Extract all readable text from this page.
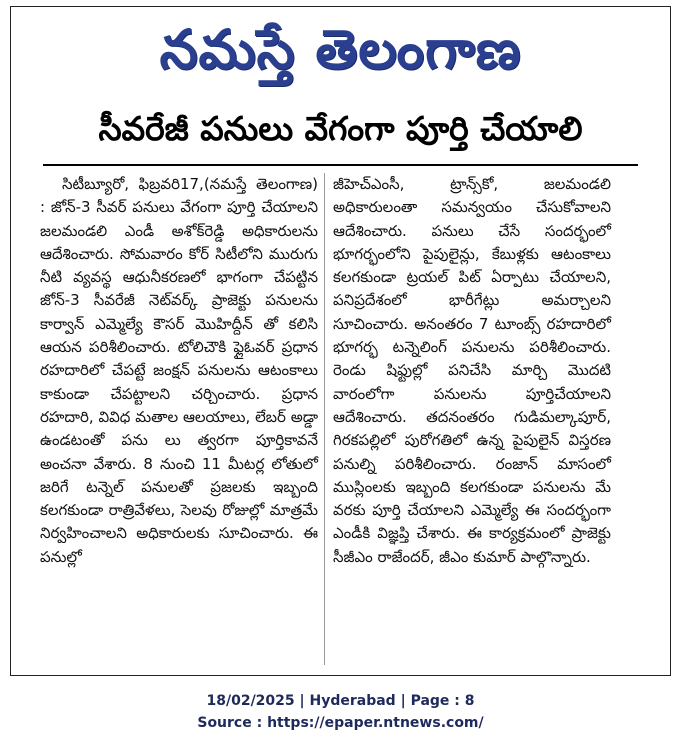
నమస్తే తెలంగాణ
సీవరేజీ పనులు వేగంగా పూర్తి చేయాలి

సిటీబ్యూరో, ఫిబ్రవరి17,(నమస్తే తెలంగాణ) : జోన్-3 సీవర్ పనులు వేగంగా పూర్తి చేయాలని జలమండలి ఎండీ అశోక్‌రెడ్డి అధికారులను ఆదేశించారు. సోమవారం కోర్ సిటీలోని మురుగు నీటి వ్యవస్థ ఆధునీకరణలో భాగంగా చేపట్టిన జోన్-3 సీవరేజీ నెట్‌వర్క్ ప్రాజెక్టు పనులను కార్వాన్ ఎమ్మెల్యే కౌసర్ మొహిద్దీన్ తో కలిసి ఆయన పరిశీలించారు. టోలిచౌకి ఫ్లైఓవర్ ప్రధాన రహదారిలో చేపట్టే జంక్షన్ పనులను ఆటంకాలు కాకుండా చేపట్టాలని చర్చించారు. ప్రధాన రహదారి, వివిధ మతాల ఆలయాలు, లేబర్ అడ్డా ఉండటంతో పను లు త్వరగా పూర్తికావనే అంచనా వేశారు. 8 నుంచి 11 మీటర్ల లోతులో జరిగే టన్నెల్ పనులతో ప్రజలకు ఇబ్బంది కలగకుండా రాత్రివేళలు, సెలవు రోజుల్లో మాత్రమే నిర్వహించాలని అధికారులకు సూచించారు. ఈ పనుల్లో

జీహెచ్‌ఎంసీ, ట్రాన్స్‌కో, జలమండలి అధికారులంతా సమన్వయం చేసుకోవాలని ఆదేశించారు. పనులు చేసే సందర్భంలో భూగర్భంలోని పైపులైన్లు, కేబుళ్లకు ఆటంకాలు కలగకుండా ట్రయల్ పిట్ ఏర్పాటు చేయాలని, పనిప్రదేశంలో భారీగేట్లు అమర్చాలని సూచించారు. అనంతరం 7 టూంబ్స్ రహదారిలో భూగర్భ టన్నెలింగ్ పనులను పరిశీలించారు. రెండు షిఫ్టుల్లో పనిచేసి మార్చి మొదటి వారంలోగా పనులను పూర్తిచేయాలని ఆదేశించారు. తదనంతరం గుడిమల్కాపూర్, గిరకపల్లిలో పురోగతిలో ఉన్న పైపులైన్ విస్తరణ పనుల్ని పరిశీలించారు. రంజాన్ మాసంలో ముస్లింలకు ఇబ్బంది కలగకుండా పనులను మే వరకు పూర్తి చేయాలని ఎమ్మెల్యే ఈ సందర్భంగా ఎండీకి విజ్ఞప్తి చేశారు. ఈ కార్యక్రమంలో ప్రాజెక్టు సీజీఎం రాజేందర్, జీఎం కుమార్ పాల్గొన్నారు.

18/02/2025 | Hyderabad | Page : 8
Source : https://epaper.ntnews.com/
